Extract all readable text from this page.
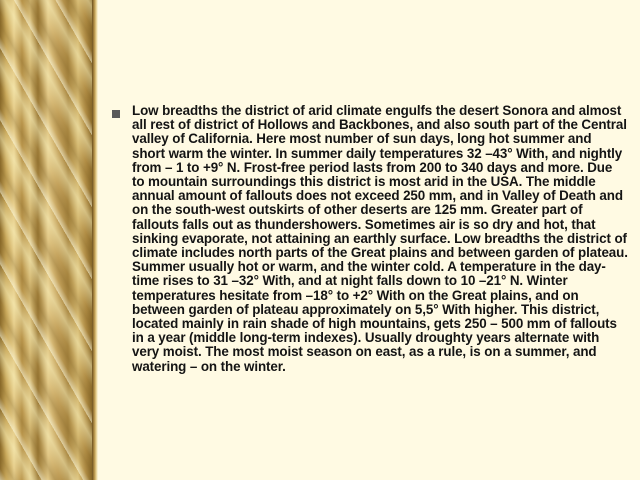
Low breadths the district of arid climate engulfs the desert Sonora and almost all rest of district of Hollows and Backbones, and also south part of the Central valley of California. Here most number of sun days, long hot summer and short warm the winter. In summer daily temperatures 32 –43° With, and nightly from – 1 to +9° N. Frost-free period lasts from 200 to 340 days and more. Due to mountain surroundings this district is most arid in the USA. The middle annual amount of fallouts does not exceed 250 mm, and in Valley of Death and on the south-west outskirts of other deserts are 125 mm. Greater part of fallouts falls out as thundershowers. Sometimes air is so dry and hot, that sinking evaporate, not attaining an earthly surface. Low breadths the district of climate includes north parts of the Great plains and between garden of plateau. Summer usually hot or warm, and the winter cold. A temperature in the day-time rises to 31 –32° With, and at night falls down to 10 –21° N. Winter temperatures hesitate from –18° to +2° With on the Great plains, and on between garden of plateau approximately on 5,5° With higher. This district, located mainly in rain shade of high mountains, gets 250 – 500 mm of fallouts in a year (middle long-term indexes). Usually droughty years alternate with very moist. The most moist season on east, as a rule, is on a summer, and watering – on the winter.
